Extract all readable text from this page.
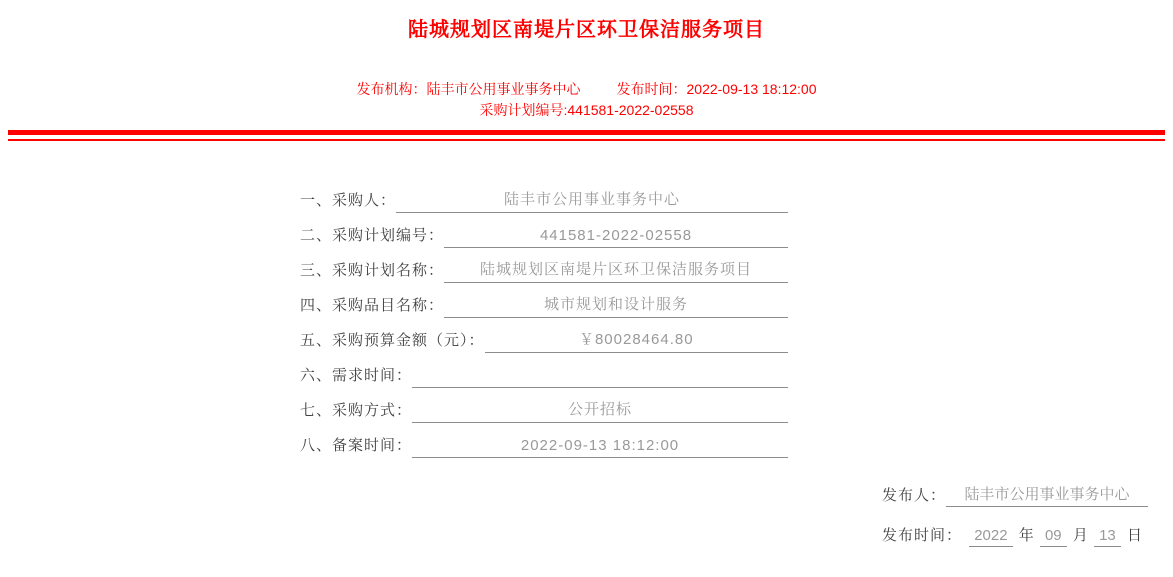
陆城规划区南堤片区环卫保洁服务项目
发布机构：陆丰市公用事业事务中心	发布时间：2022-09-13 18:12:00
采购计划编号:441581-2022-02558
一、采购人：	陆丰市公用事业事务中心
二、采购计划编号：	441581-2022-02558
三、采购计划名称：	陆城规划区南堤片区环卫保洁服务项目
四、采购品目名称：	城市规划和设计服务
五、采购预算金额（元）：	￥80028464.80
六、需求时间：
七、采购方式：	公开招标
八、备案时间：	2022-09-13 18:12:00
发布人：	陆丰市公用事业事务中心
发布时间： 2022 年 09 月 13 日
